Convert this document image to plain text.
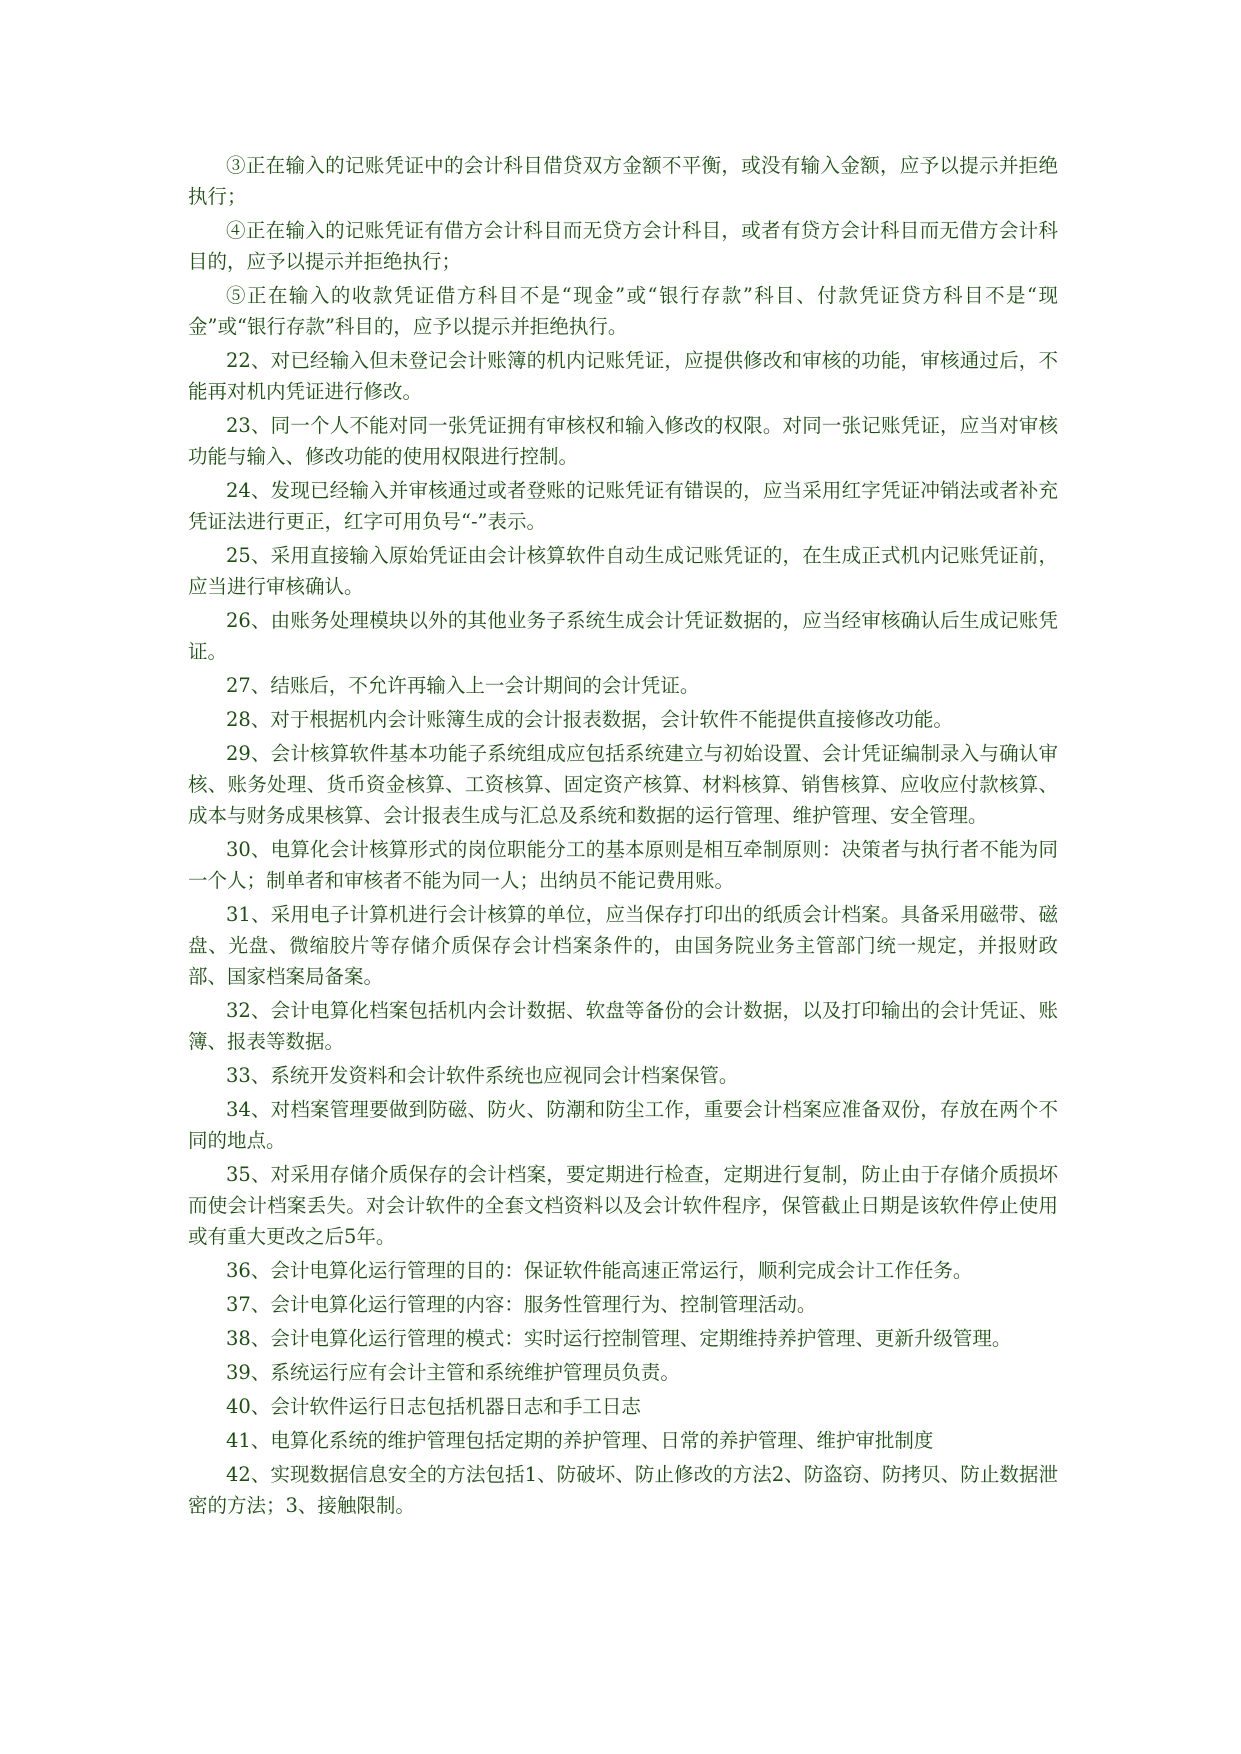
③正在输入的记账凭证中的会计科目借贷双方金额不平衡，或没有输入金额，应予以提示并拒绝执行；

④正在输入的记账凭证有借方会计科目而无贷方会计科目，或者有贷方会计科目而无借方会计科目的，应予以提示并拒绝执行；

⑤正在输入的收款凭证借方科目不是“现金”或“银行存款”科目、付款凭证贷方科目不是“现金”或“银行存款”科目的，应予以提示并拒绝执行。

22、对已经输入但未登记会计账簿的机内记账凭证，应提供修改和审核的功能，审核通过后，不能再对机内凭证进行修改。

23、同一个人不能对同一张凭证拥有审核权和输入修改的权限。对同一张记账凭证，应当对审核功能与输入、修改功能的使用权限进行控制。

24、发现已经输入并审核通过或者登账的记账凭证有错误的，应当采用红字凭证冲销法或者补充凭证法进行更正，红字可用负号“-”表示。

25、采用直接输入原始凭证由会计核算软件自动生成记账凭证的，在生成正式机内记账凭证前，应当进行审核确认。

26、由账务处理模块以外的其他业务子系统生成会计凭证数据的，应当经审核确认后生成记账凭证。

27、结账后，不允许再输入上一会计期间的会计凭证。

28、对于根据机内会计账簿生成的会计报表数据，会计软件不能提供直接修改功能。

29、会计核算软件基本功能子系统组成应包括系统建立与初始设置、会计凭证编制录入与确认审核、账务处理、货币资金核算、工资核算、固定资产核算、材料核算、销售核算、应收应付款核算、成本与财务成果核算、会计报表生成与汇总及系统和数据的运行管理、维护管理、安全管理。

30、电算化会计核算形式的岗位职能分工的基本原则是相互牵制原则：决策者与执行者不能为同一个人；制单者和审核者不能为同一人；出纳员不能记费用账。

31、采用电子计算机进行会计核算的单位，应当保存打印出的纸质会计档案。具备采用磁带、磁盘、光盘、微缩胶片等存储介质保存会计档案条件的，由国务院业务主管部门统一规定，并报财政部、国家档案局备案。

32、会计电算化档案包括机内会计数据、软盘等备份的会计数据，以及打印输出的会计凭证、账簿、报表等数据。

33、系统开发资料和会计软件系统也应视同会计档案保管。

34、对档案管理要做到防磁、防火、防潮和防尘工作，重要会计档案应准备双份，存放在两个不同的地点。

35、对采用存储介质保存的会计档案，要定期进行检查，定期进行复制，防止由于存储介质损坏而使会计档案丢失。对会计软件的全套文档资料以及会计软件程序，保管截止日期是该软件停止使用或有重大更改之后5年。

36、会计电算化运行管理的目的：保证软件能高速正常运行，顺利完成会计工作任务。

37、会计电算化运行管理的内容：服务性管理行为、控制管理活动。

38、会计电算化运行管理的模式：实时运行控制管理、定期维持养护管理、更新升级管理。

39、系统运行应有会计主管和系统维护管理员负责。

40、会计软件运行日志包括机器日志和手工日志

41、电算化系统的维护管理包括定期的养护管理、日常的养护管理、维护审批制度

42、实现数据信息安全的方法包括1、防破坏、防止修改的方法2、防盗窃、防拷贝、防止数据泄密的方法；3、接触限制。
